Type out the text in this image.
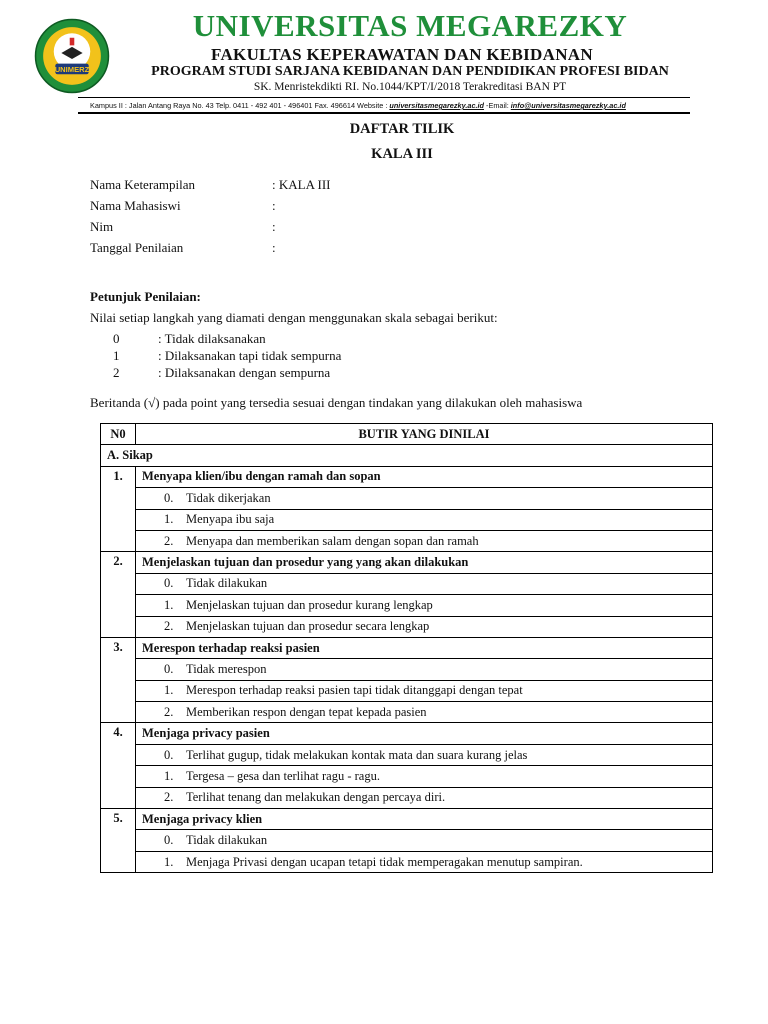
UNIMERZ
UNIVERSITAS MEGAREZKY
FAKULTAS KEPERAWATAN DAN KEBIDANAN
PROGRAM STUDI SARJANA KEBIDANAN DAN PENDIDIKAN PROFESI BIDAN
SK. Menristekdikti RI. No.1044/KPT/I/2018 Terakreditasi BAN PT
Kampus II : Jalan Antang Raya No. 43 Telp. 0411 - 492 401 - 496401 Fax. 496614 Website : universitasmegarezky.ac.id -Email: info@universitasmegarezky.ac.id
DAFTAR TILIK
KALA III
Nama Keterampilan	: KALA III
Nama Mahasiswi	:
Nim	:
Tanggal Penilaian	:
Petunjuk Penilaian:
Nilai setiap langkah yang diamati dengan menggunakan skala sebagai berikut:
0	: Tidak dilaksanakan
1	: Dilaksanakan tapi tidak sempurna
2	: Dilaksanakan dengan sempurna
Beritanda (√) pada point yang tersedia sesuai dengan tindakan yang dilakukan oleh mahasiswa
N0	BUTIR YANG DINILAI
A. Sikap	
1.	Menyapa klien/ibu dengan ramah dan sopan
	0. Tidak dikerjakan
	1. Menyapa ibu saja
	2. Menyapa dan memberikan salam dengan sopan dan ramah
2.	Menjelaskan tujuan dan prosedur yang yang akan dilakukan
	0. Tidak dilakukan
	1. Menjelaskan tujuan dan prosedur kurang lengkap
	2. Menjelaskan tujuan dan prosedur secara lengkap
3.	Merespon terhadap reaksi pasien
	0. Tidak merespon
	1. Merespon terhadap reaksi pasien tapi tidak ditanggapi dengan tepat
	2. Memberikan respon dengan tepat kepada pasien
4.	Menjaga privacy pasien
	0. Terlihat gugup, tidak melakukan kontak mata dan suara kurang jelas
	1. Tergesa – gesa dan terlihat ragu - ragu.
	2. Terlihat tenang dan melakukan dengan percaya diri.
5.	Menjaga privacy klien
	0. Tidak dilakukan
	1. Menjaga Privasi dengan ucapan tetapi tidak memperagakan menutup sampiran.
